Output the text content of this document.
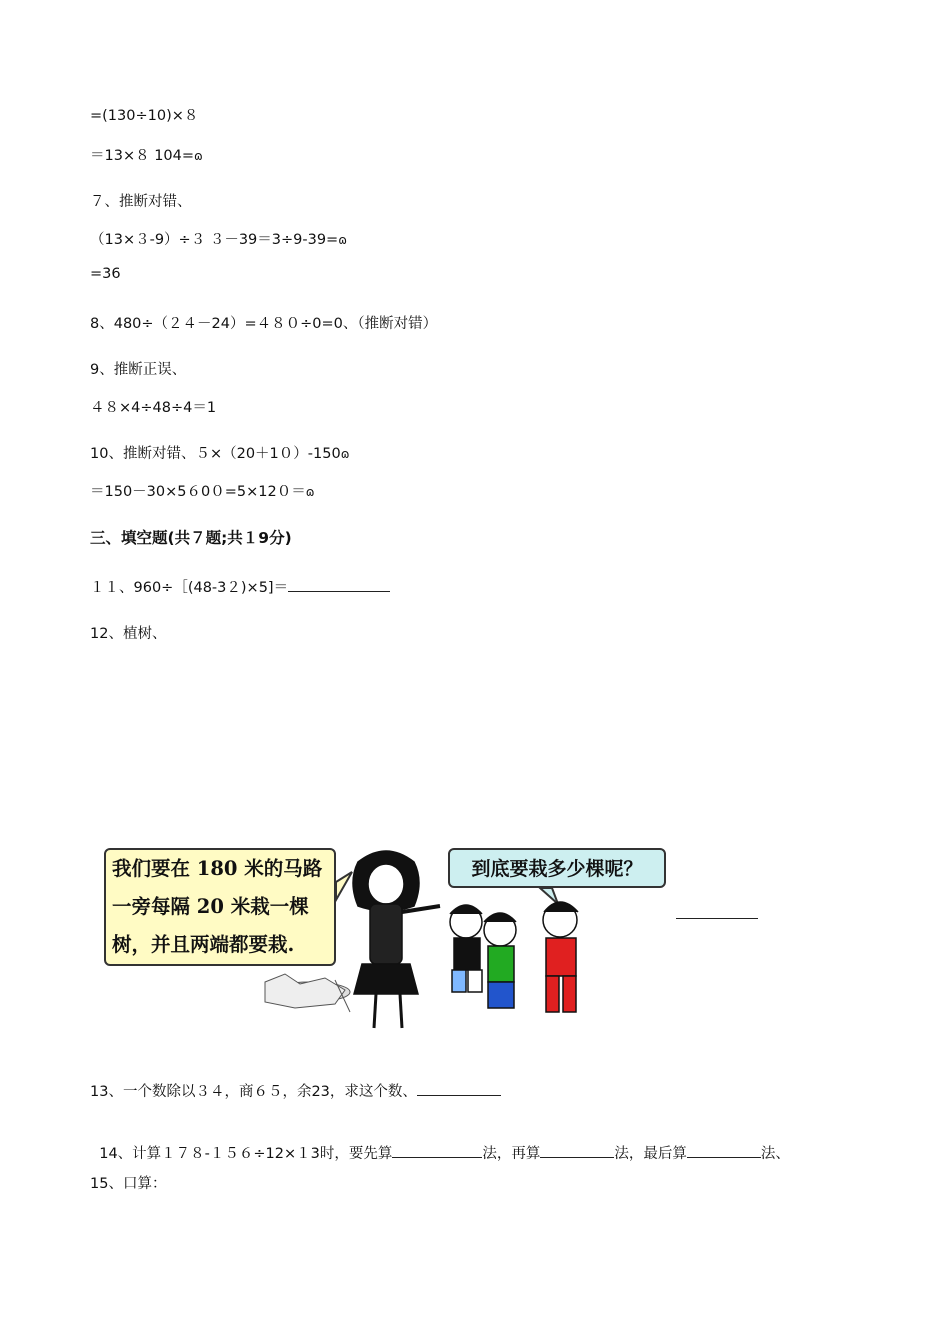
=(130÷10)×８
＝13×８ 104=ɷ
７、推断对错、
（13×３-9）÷３ ３－39＝3÷9-39=ɷ
=36
8、480÷（２４－24）=４８０÷0=0、（推断对错）
9、推断正误、
４８×4÷48÷4＝1
10、推断对错、５×（20＋1０）-150ɷ
＝150－30×5６0０=5×12０＝ɷ
三、填空题(共７题;共１9分)
１１、960÷［(48-3２)×5]＝
12、植树、
我们要在 180 米的马路
一旁每隔 20 米栽一棵
树，并且两端都要栽.
到底要栽多少棵呢？
13、一个数除以３４，商６５，余23，求这个数、

14、计算１７８-１５６÷12×１3时，要先算	法，再算	法，最后算	法、

15、口算：
